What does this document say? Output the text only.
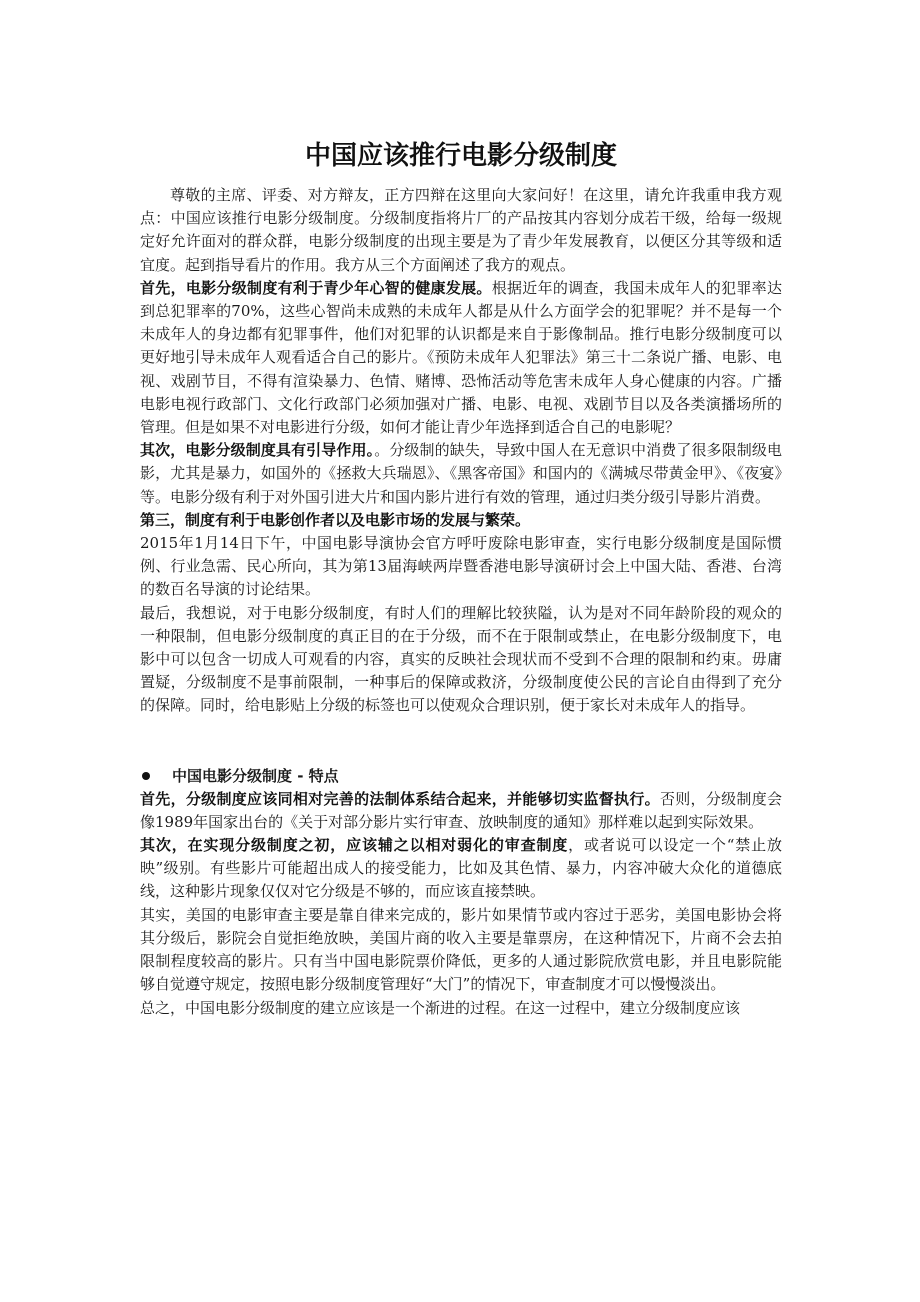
中国应该推行电影分级制度

尊敬的主席、评委、对方辩友，正方四辩在这里向大家问好！在这里，请允许我重申我方观点：中国应该推行电影分级制度。分级制度指将片厂的产品按其内容划分成若干级，给每一级规定好允许面对的群众群，电影分级制度的出现主要是为了青少年发展教育，以便区分其等级和适宜度。起到指导看片的作用。我方从三个方面阐述了我方的观点。

首先，电影分级制度有利于青少年心智的健康发展。根据近年的调查，我国未成年人的犯罪率达到总犯罪率的70%，这些心智尚未成熟的未成年人都是从什么方面学会的犯罪呢？并不是每一个未成年人的身边都有犯罪事件，他们对犯罪的认识都是来自于影像制品。推行电影分级制度可以更好地引导未成年人观看适合自己的影片。《预防未成年人犯罪法》第三十二条说广播、电影、电视、戏剧节目，不得有渲染暴力、色情、赌博、恐怖活动等危害未成年人身心健康的内容。广播电影电视行政部门、文化行政部门必须加强对广播、电影、电视、戏剧节目以及各类演播场所的管理。但是如果不对电影进行分级，如何才能让青少年选择到适合自己的电影呢？

其次，电影分级制度具有引导作用。。分级制的缺失，导致中国人在无意识中消费了很多限制级电影，尤其是暴力，如国外的《拯救大兵瑞恩》、《黑客帝国》和国内的《满城尽带黄金甲》、《夜宴》等。电影分级有利于对外国引进大片和国内影片进行有效的管理，通过归类分级引导影片消费。

第三，制度有利于电影创作者以及电影市场的发展与繁荣。

2015年1月14日下午，中国电影导演协会官方呼吁废除电影审查，实行电影分级制度是国际惯例、行业急需、民心所向，其为第13届海峡两岸暨香港电影导演研讨会上中国大陆、香港、台湾的数百名导演的讨论结果。

最后，我想说，对于电影分级制度，有时人们的理解比较狭隘，认为是对不同年龄阶段的观众的一种限制，但电影分级制度的真正目的在于分级，而不在于限制或禁止，在电影分级制度下，电影中可以包含一切成人可观看的内容，真实的反映社会现状而不受到不合理的限制和约束。毋庸置疑，分级制度不是事前限制，一种事后的保障或救济，分级制度使公民的言论自由得到了充分的保障。同时，给电影贴上分级的标签也可以使观众合理识别，便于家长对未成年人的指导。

中国电影分级制度 - 特点

首先，分级制度应该同相对完善的法制体系结合起来，并能够切实监督执行。否则，分级制度会像1989年国家出台的《关于对部分影片实行审查、放映制度的通知》那样难以起到实际效果。

其次，在实现分级制度之初，应该辅之以相对弱化的审查制度，或者说可以设定一个“禁止放映”级别。有些影片可能超出成人的接受能力，比如及其色情、暴力，内容冲破大众化的道德底线，这种影片现象仅仅对它分级是不够的，而应该直接禁映。

其实，美国的电影审查主要是靠自律来完成的，影片如果情节或内容过于恶劣，美国电影协会将其分级后，影院会自觉拒绝放映，美国片商的收入主要是靠票房，在这种情况下，片商不会去拍限制程度较高的影片。只有当中国电影院票价降低，更多的人通过影院欣赏电影，并且电影院能够自觉遵守规定，按照电影分级制度管理好“大门”的情况下，审查制度才可以慢慢淡出。

总之，中国电影分级制度的建立应该是一个渐进的过程。在这一过程中，建立分级制度应该
